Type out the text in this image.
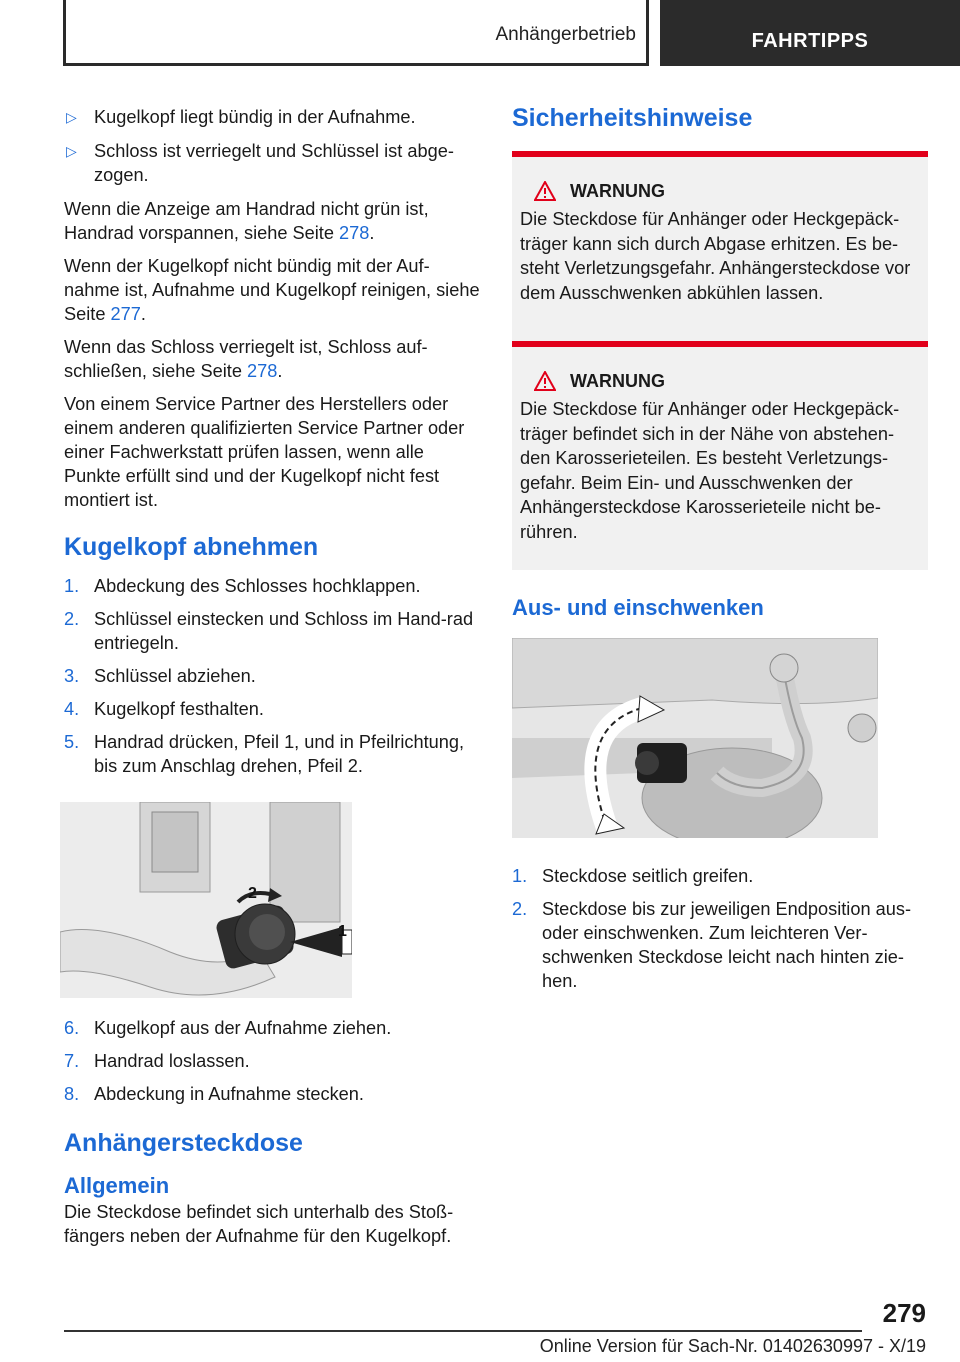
Anhängerbetrieb	FAHRTIPPS
▷ Kugelkopf liegt bündig in der Aufnahme.
▷ Schloss ist verriegelt und Schlüssel ist abge-
zogen.

Wenn die Anzeige am Handrad nicht grün ist, Handrad vorspannen, siehe Seite 278.

Wenn der Kugelkopf nicht bündig mit der Auf-nahme ist, Aufnahme und Kugelkopf reinigen, siehe Seite 277.

Wenn das Schloss verriegelt ist, Schloss auf-schließen, siehe Seite 278.

Von einem Service Partner des Herstellers oder einem anderen qualifizierten Service Partner oder einer Fachwerkstatt prüfen lassen, wenn alle Punkte erfüllt sind und der Kugelkopf nicht fest montiert ist.

Kugelkopf abnehmen
1. Abdeckung des Schlosses hochklappen.
2. Schlüssel einstecken und Schloss im Hand-rad entriegeln.
3. Schlüssel abziehen.
4. Kugelkopf festhalten.
5. Handrad drücken, Pfeil 1, und in Pfeilrichtung, bis zum Anschlag drehen, Pfeil 2.
2
1
6. Kugelkopf aus der Aufnahme ziehen.
7. Handrad loslassen.
8. Abdeckung in Aufnahme stecken.
Anhängersteckdose
Allgemein

Die Steckdose befindet sich unterhalb des Stoß-fängers neben der Aufnahme für den Kugelkopf.

Sicherheitshinweise
WARNUNG

Die Steckdose für Anhänger oder Heckgepäck-träger kann sich durch Abgase erhitzen. Es be-steht Verletzungsgefahr. Anhängersteckdose vor dem Ausschwenken abkühlen lassen.

WARNUNG

Die Steckdose für Anhänger oder Heckgepäck-träger befindet sich in der Nähe von abstehen-den Karosserieteilen. Es besteht Verletzungs-gefahr. Beim Ein- und Ausschwenken der Anhängersteckdose Karosserieteile nicht be-rühren.

Aus- und einschwenken
1. Steckdose seitlich greifen.
2. Steckdose bis zur jeweiligen Endposition aus- oder einschwenken. Zum leichteren Ver-schwenken Steckdose leicht nach hinten zie-hen.
279
Online Version für Sach-Nr. 01402630997 - X/19
